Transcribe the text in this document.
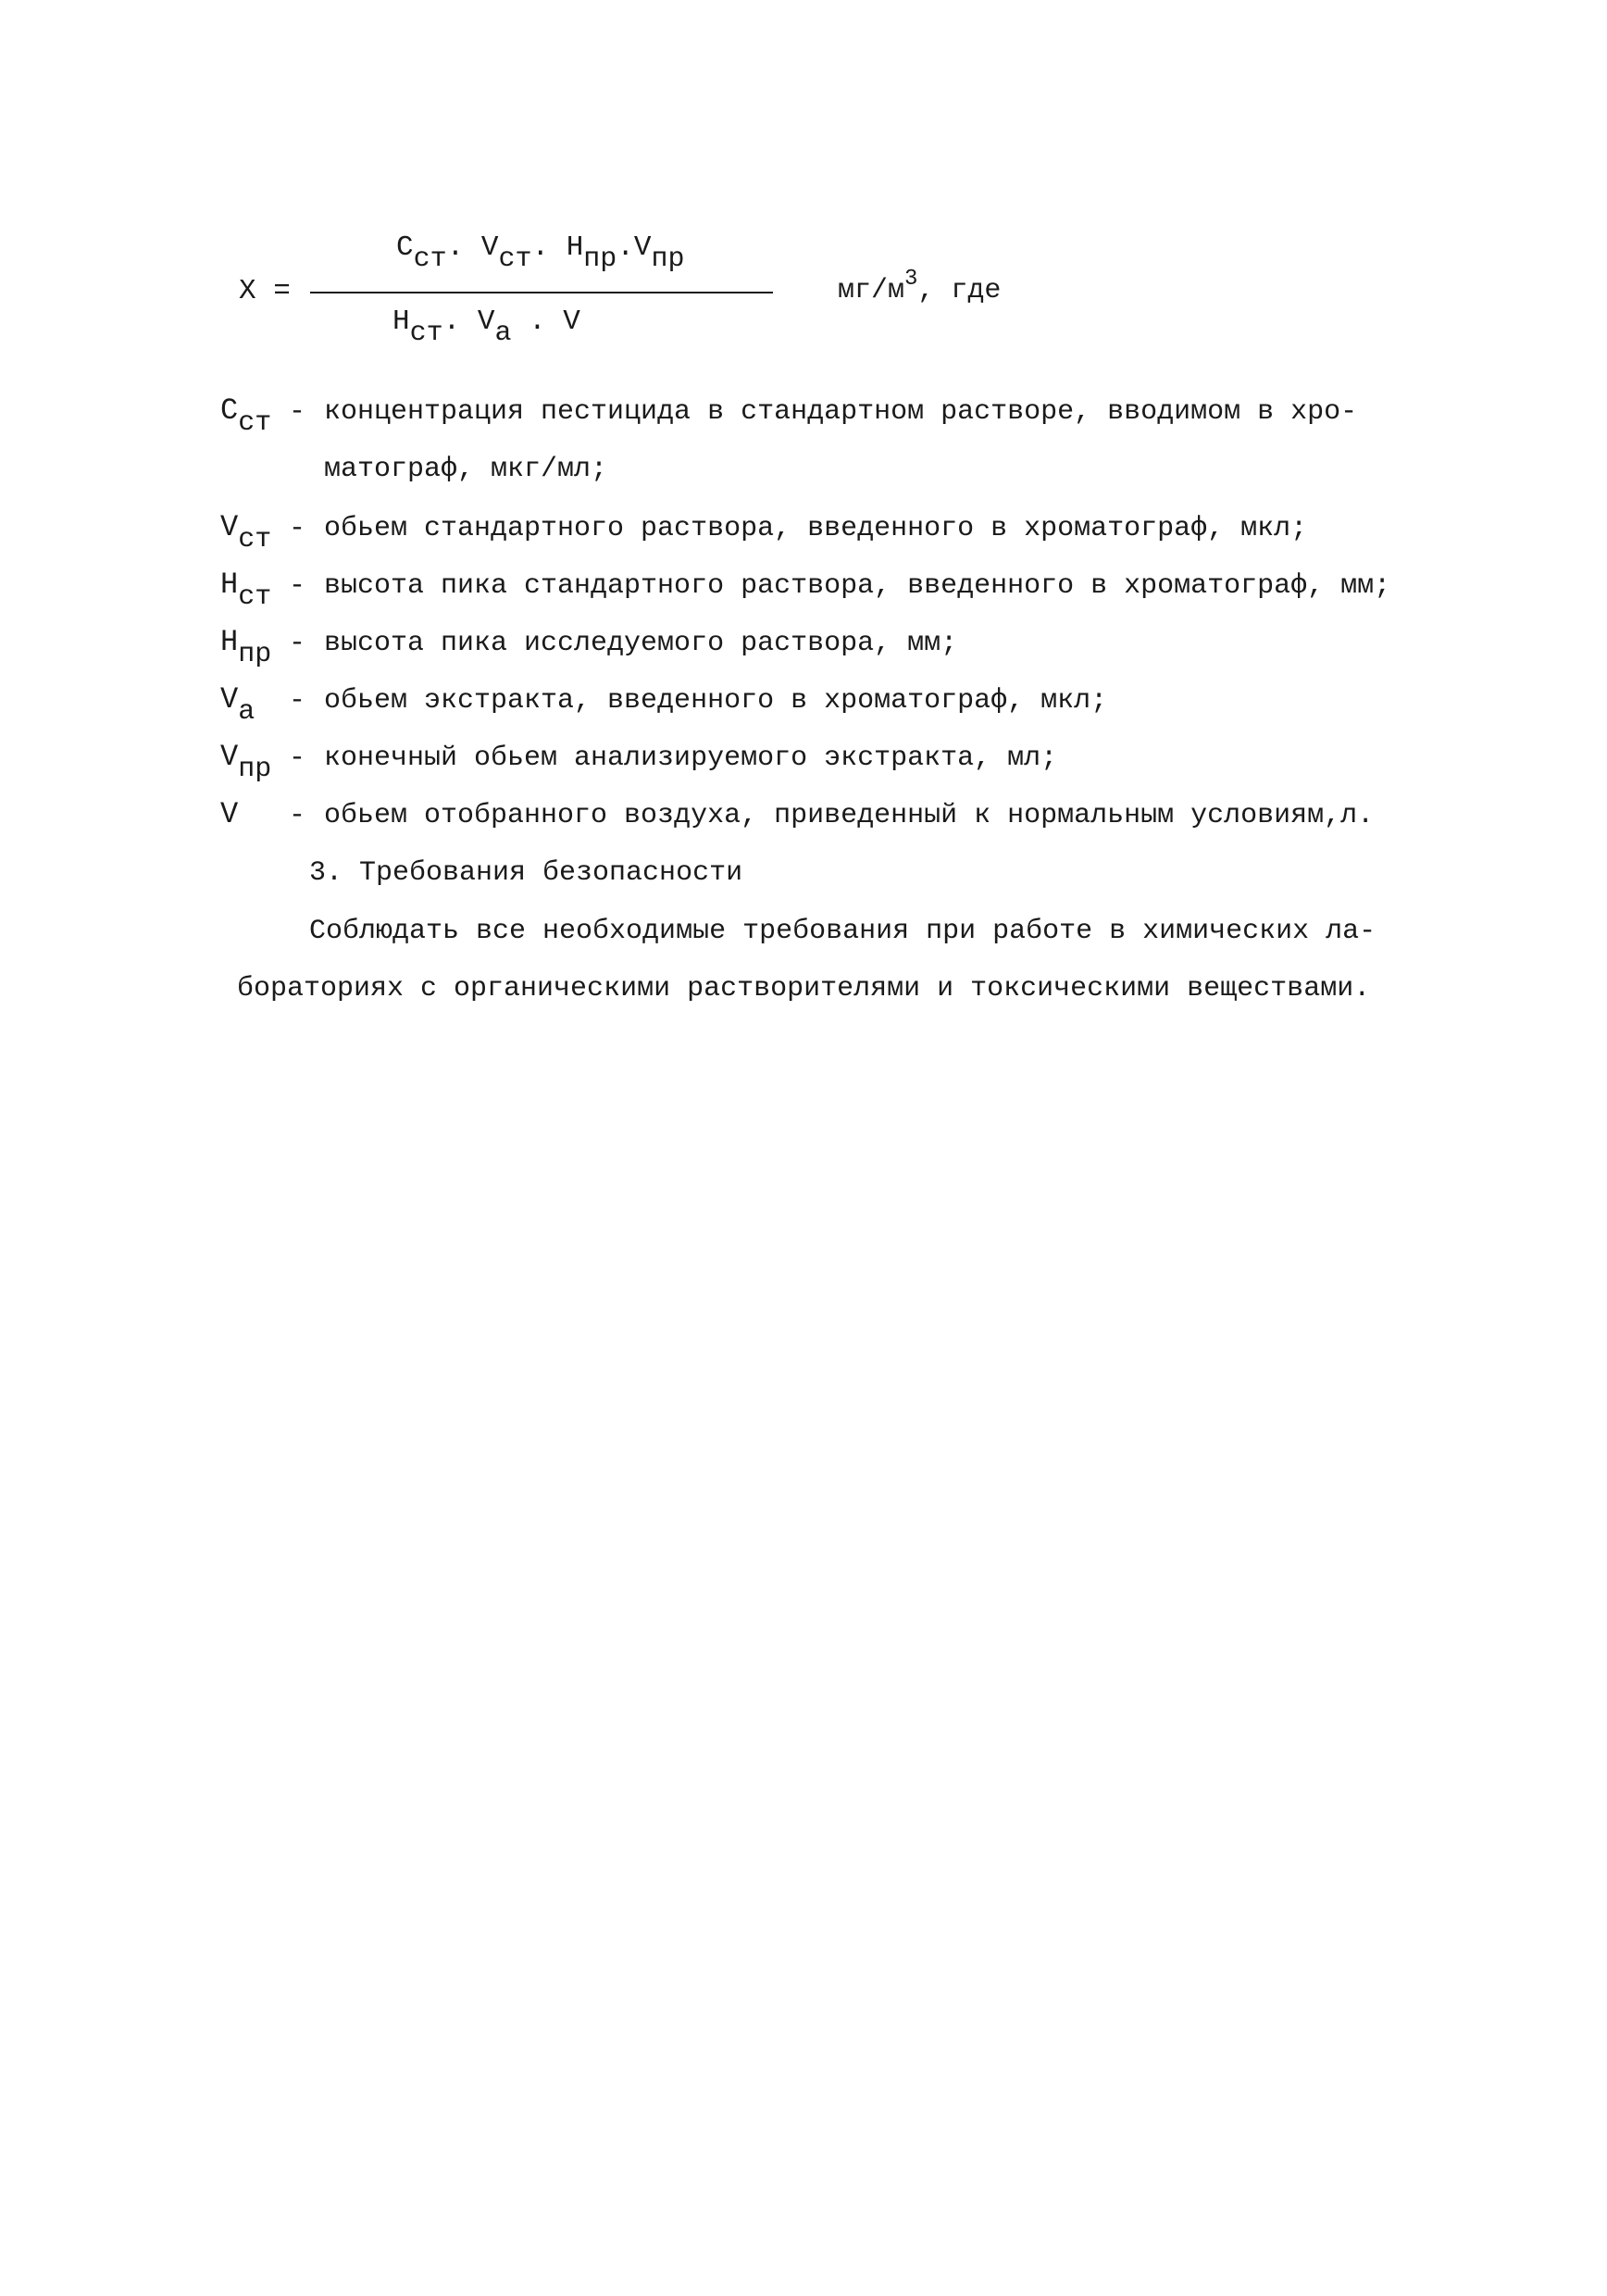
X =
$C_{ст}$. $V_{ст}$. $H_{пр}.V_{пр}$
$H_{ст}$. $V_a$ . V
$мг/м^3$, где
$C_{ст}$ - концентрация пестицида в стандартном растворе, вводимом в хро-
матограф, мкг/мл;
$V_{ст}$ - обьем стандартного раствора, введенного в хроматограф, мкл;
$H_{ст}$ - высота пика стандартного раствора, введенного в хроматограф, мм;
$H_{пр}$ - высота пика исследуемого раствора, мм;
$V_a$ - обьем экстракта, введенного в хроматограф, мкл;
$V_{пр}$ - конечный обьем анализируемого экстракта, мл;
V - обьем отобранного воздуха, приведенный к нормальным условиям,л.
3. Требования безопасности
Соблюдать все необходимые требования при работе в химических ла-
бораториях с органическими растворителями и токсическими веществами.
